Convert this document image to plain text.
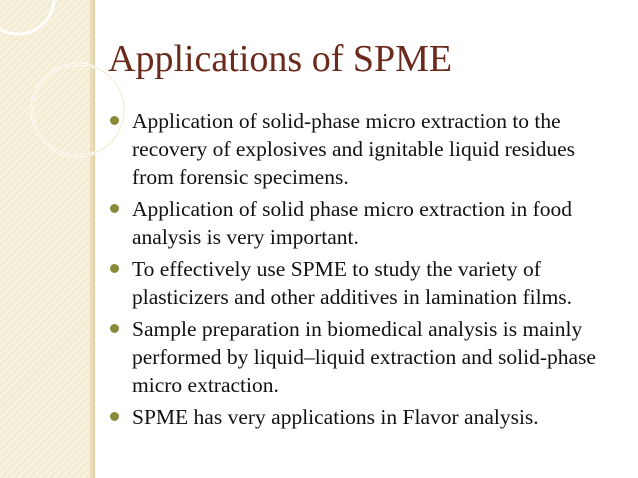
Applications of SPME
Application of solid-phase micro extraction to the recovery of explosives and ignitable liquid residues from forensic specimens.
Application of solid phase micro extraction in food analysis is very important.
To effectively use SPME to study the variety of plasticizers and other additives in lamination films.
Sample preparation in biomedical analysis is mainly performed by liquid–liquid extraction and solid-phase micro extraction.
SPME has very applications in Flavor analysis.
